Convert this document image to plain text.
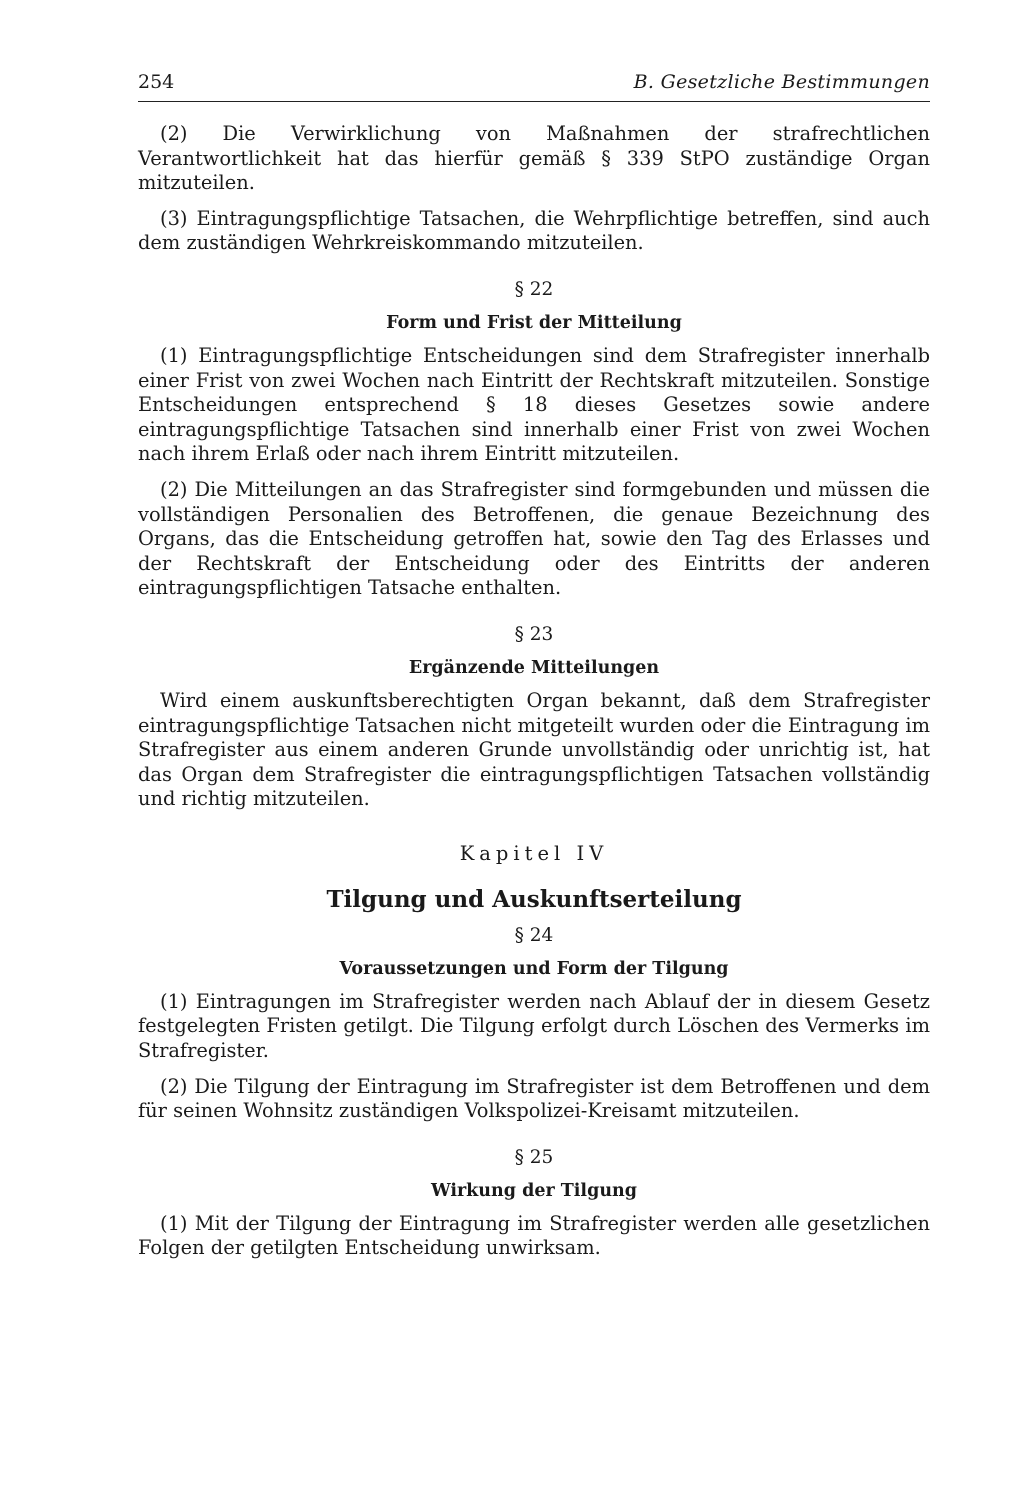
254	B. Gesetzliche Bestimmungen

(2) Die Verwirklichung von Maßnahmen der strafrechtlichen Verantwortlichkeit hat das hierfür gemäß § 339 StPO zuständige Organ mitzuteilen.

(3) Eintragungspflichtige Tatsachen, die Wehrpflichtige betreffen, sind auch dem zuständigen Wehrkreiskommando mitzuteilen.

§ 22
Form und Frist der Mitteilung

(1) Eintragungspflichtige Entscheidungen sind dem Strafregister innerhalb einer Frist von zwei Wochen nach Eintritt der Rechtskraft mitzuteilen. Sonstige Entscheidungen entsprechend § 18 dieses Gesetzes sowie andere eintragungspflichtige Tatsachen sind innerhalb einer Frist von zwei Wochen nach ihrem Erlaß oder nach ihrem Eintritt mitzuteilen.

(2) Die Mitteilungen an das Strafregister sind formgebunden und müssen die vollständigen Personalien des Betroffenen, die genaue Bezeichnung des Organs, das die Entscheidung getroffen hat, sowie den Tag des Erlasses und der Rechtskraft der Entscheidung oder des Eintritts der anderen eintragungspflichtigen Tatsache enthalten.

§ 23
Ergänzende Mitteilungen

Wird einem auskunftsberechtigten Organ bekannt, daß dem Strafregister eintragungspflichtige Tatsachen nicht mitgeteilt wurden oder die Eintragung im Strafregister aus einem anderen Grunde unvollständig oder unrichtig ist, hat das Organ dem Strafregister die eintragungspflichtigen Tatsachen vollständig und richtig mitzuteilen.

Kapitel IV
Tilgung und Auskunftserteilung
§ 24
Voraussetzungen und Form der Tilgung

(1) Eintragungen im Strafregister werden nach Ablauf der in diesem Gesetz festgelegten Fristen getilgt. Die Tilgung erfolgt durch Löschen des Vermerks im Strafregister.

(2) Die Tilgung der Eintragung im Strafregister ist dem Betroffenen und dem für seinen Wohnsitz zuständigen Volkspolizei-Kreisamt mitzuteilen.

§ 25
Wirkung der Tilgung

(1) Mit der Tilgung der Eintragung im Strafregister werden alle gesetzlichen Folgen der getilgten Entscheidung unwirksam.
